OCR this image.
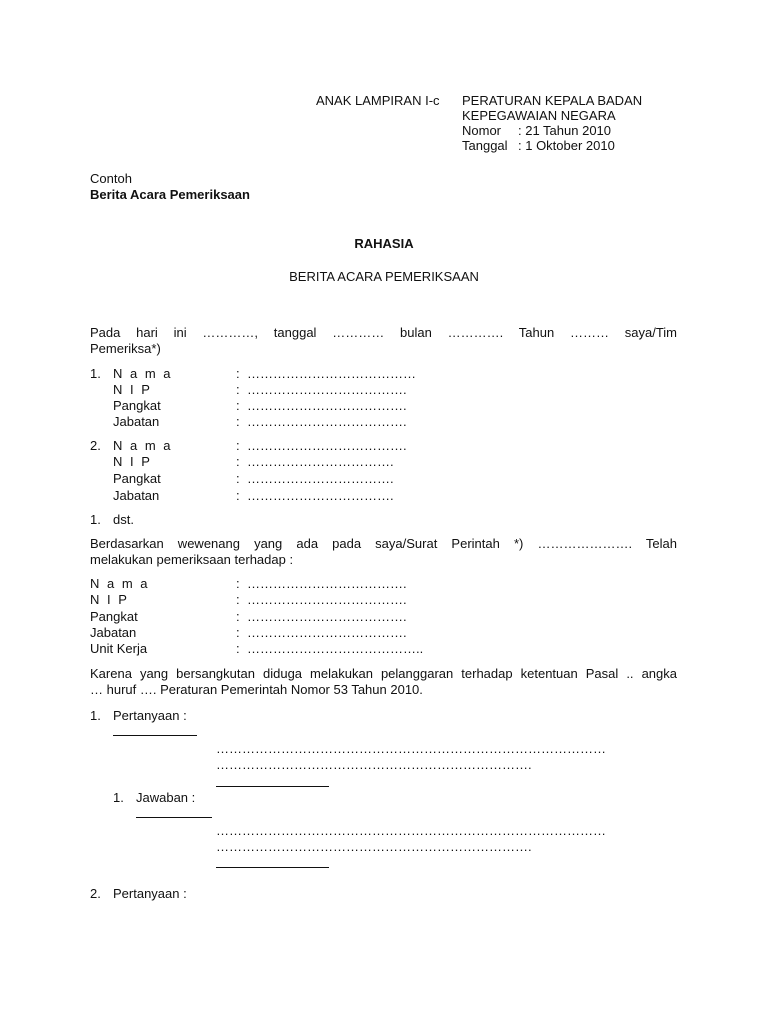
ANAK LAMPIRAN I-c PERATURAN KEPALA BADAN
KEPEGAWAIAN NEGARA
Nomor : 21 Tahun 2010
Tanggal : 1 Oktober 2010
Contoh
Berita Acara Pemeriksaan
RAHASIA
BERITA ACARA PEMERIKSAAN
Pada hari ini …………, tanggal ………… bulan …………. Tahun ……… saya/Tim
Pemeriksa*)
1. N a m a	: …………………………………
N I P	: ……………………………….
Pangkat	: ……………………………….
Jabatan	: ……………………………….
2. N a m a	: ……………………………….
N I P	: …………………………….
Pangkat	: …………………………….
Jabatan	: …………………………….
1. dst.
Berdasarkan wewenang yang ada pada saya/Surat Perintah *) …………………. Telah
melakukan pemeriksaan terhadap :
N a m a	: ……………………………….
N I P	: ……………………………….
Pangkat	: ……………………………….
Jabatan	: ……………………………….
Unit Kerja	: …………………………………..
Karena yang bersangkutan diduga melakukan pelanggaran terhadap ketentuan Pasal .. angka
… huruf …. Peraturan Pemerintah Nomor 53 Tahun 2010.
1. Pertanyaan :
………………………………………………………………………………
……………………………………………………………….
1. Jawaban :
………………………………………………………………………………
……………………………………………………………….
2. Pertanyaan :
